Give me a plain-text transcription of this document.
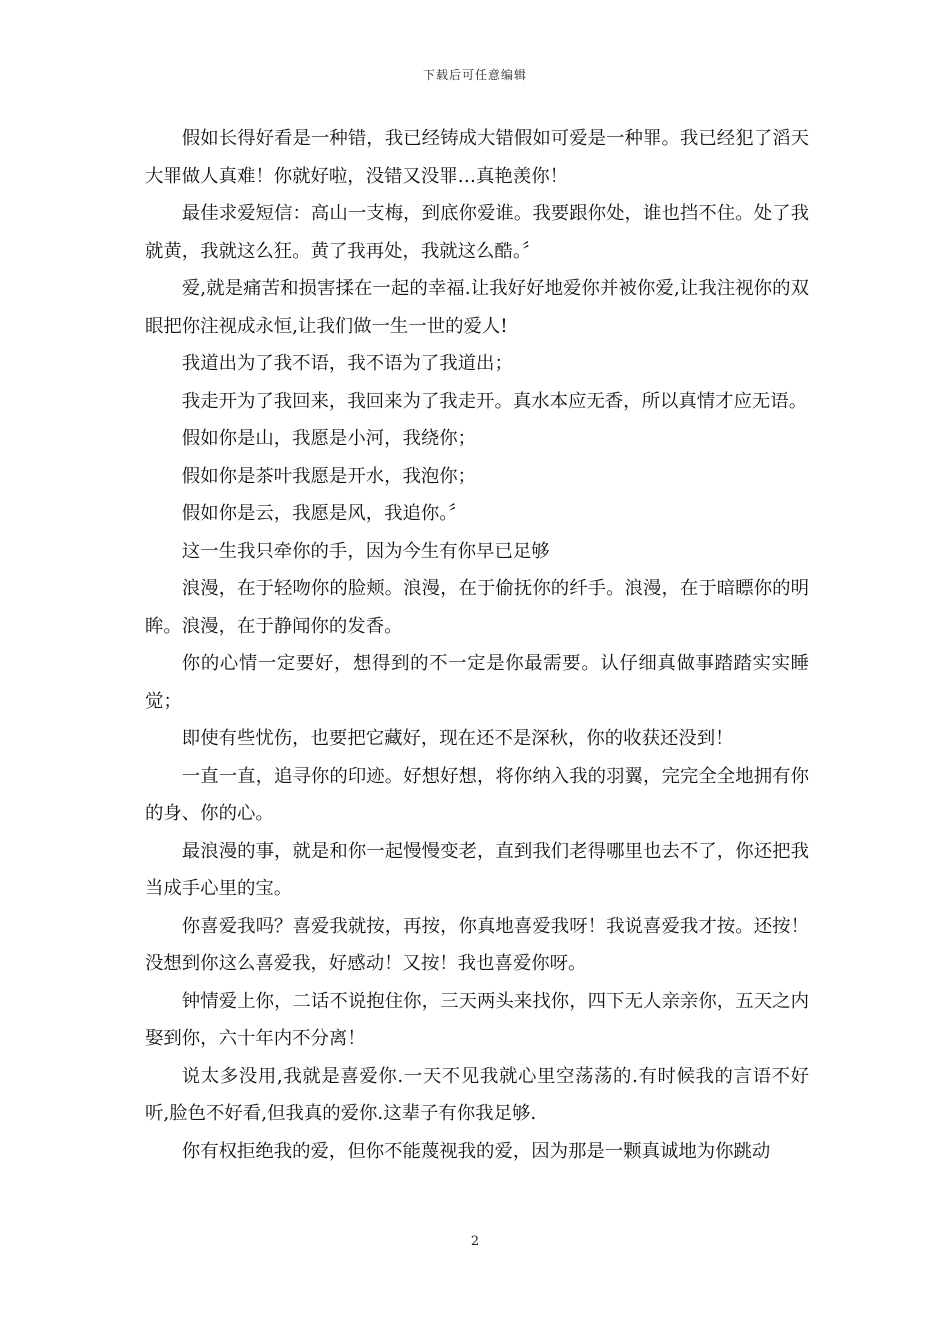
下载后可任意编辑

假如长得好看是一种错，我已经铸成大错假如可爱是一种罪。我已经犯了滔天大罪做人真难！你就好啦，没错又没罪…真艳羡你！

最佳求爱短信：高山一支梅，到底你爱谁。我要跟你处，谁也挡不住。处了我就黄，我就这么狂。黄了我再处，我就这么酷。〞

爱,就是痛苦和损害揉在一起的幸福.让我好好地爱你并被你爱,让我注视你的双眼把你注视成永恒,让我们做一生一世的爱人!

我道出为了我不语，我不语为了我道出；

我走开为了我回来，我回来为了我走开。真水本应无香，所以真情才应无语。

假如你是山，我愿是小河，我绕你；

假如你是茶叶我愿是开水，我泡你；

假如你是云，我愿是风，我追你。〞

这一生我只牵你的手，因为今生有你早已足够

浪漫，在于轻吻你的脸颊。浪漫，在于偷抚你的纤手。浪漫，在于暗瞟你的明眸。浪漫，在于静闻你的发香。

你的心情一定要好，想得到的不一定是你最需要。认仔细真做事踏踏实实睡觉；

即使有些忧伤，也要把它藏好，现在还不是深秋，你的收获还没到！

一直一直，追寻你的印迹。好想好想，将你纳入我的羽翼，完完全全地拥有你的身、你的心。

最浪漫的事，就是和你一起慢慢变老，直到我们老得哪里也去不了，你还把我当成手心里的宝。

你喜爱我吗？喜爱我就按，再按，你真地喜爱我呀！我说喜爱我才按。还按！没想到你这么喜爱我，好感动！又按！我也喜爱你呀。

钟情爱上你，二话不说抱住你，三天两头来找你，四下无人亲亲你，五天之内娶到你，六十年内不分离！

说太多没用,我就是喜爱你.一天不见我就心里空荡荡的.有时候我的言语不好听,脸色不好看,但我真的爱你.这辈子有你我足够.

你有权拒绝我的爱，但你不能蔑视我的爱，因为那是一颗真诚地为你跳动

2
